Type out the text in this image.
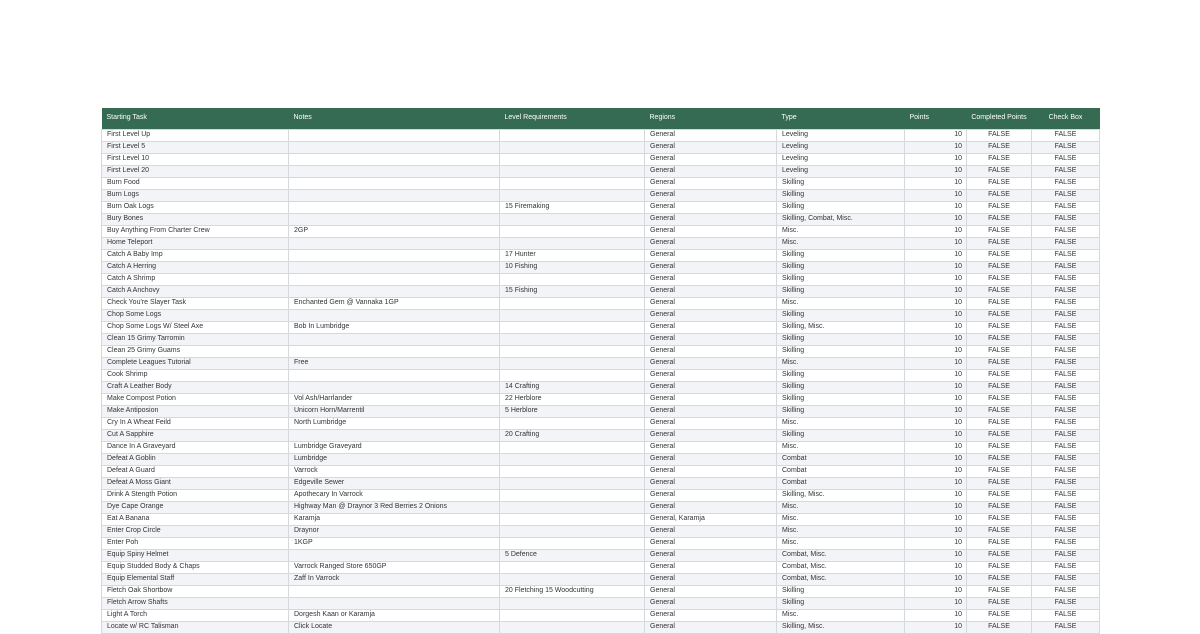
Starting Task	Notes	Level Requirements	Regions	Type	Points	Completed Points	Check Box
First Level Up			General	Leveling	10	FALSE	FALSE
First Level 5			General	Leveling	10	FALSE	FALSE
First Level 10			General	Leveling	10	FALSE	FALSE
First Level 20			General	Leveling	10	FALSE	FALSE
Burn Food			General	Skilling	10	FALSE	FALSE
Burn Logs			General	Skilling	10	FALSE	FALSE
Burn Oak Logs		15 Firemaking	General	Skilling	10	FALSE	FALSE
Bury Bones			General	Skilling, Combat, Misc.	10	FALSE	FALSE
Buy Anything From Charter Crew	2GP		General	Misc.	10	FALSE	FALSE
Home Teleport			General	Misc.	10	FALSE	FALSE
Catch A Baby Imp		17 Hunter	General	Skilling	10	FALSE	FALSE
Catch A Herring		10 Fishing	General	Skilling	10	FALSE	FALSE
Catch A Shrimp			General	Skilling	10	FALSE	FALSE
Catch A Anchovy		15 Fishing	General	Skilling	10	FALSE	FALSE
Check You're Slayer Task	Enchanted Gem @ Vannaka 1GP		General	Misc.	10	FALSE	FALSE
Chop Some Logs			General	Skilling	10	FALSE	FALSE
Chop Some Logs W/ Steel Axe	Bob In Lumbridge		General	Skilling, Misc.	10	FALSE	FALSE
Clean 15 Grimy Tarromin			General	Skilling	10	FALSE	FALSE
Clean 25 Grimy Guams			General	Skilling	10	FALSE	FALSE
Complete Leagues Tutorial	Free		General	Misc.	10	FALSE	FALSE
Cook Shrimp			General	Skilling	10	FALSE	FALSE
Craft A Leather Body		14 Crafting	General	Skilling	10	FALSE	FALSE
Make Compost Potion	Vol Ash/Harrlander	22 Herblore	General	Skilling	10	FALSE	FALSE
Make Antiposion	Unicorn Horn/Marrentil	5 Herblore	General	Skilling	10	FALSE	FALSE
Cry In A Wheat Feild	North Lumbridge		General	Misc.	10	FALSE	FALSE
Cut A Sapphire		20 Crafting	General	Skilling	10	FALSE	FALSE
Dance In A Graveyard	Lumbridge Graveyard		General	Misc.	10	FALSE	FALSE
Defeat A Goblin	Lumbridge		General	Combat	10	FALSE	FALSE
Defeat A Guard	Varrock		General	Combat	10	FALSE	FALSE
Defeat A Moss Giant	Edgeville Sewer		General	Combat	10	FALSE	FALSE
Drink A Stength Potion	Apothecary In Varrock		General	Skilling, Misc.	10	FALSE	FALSE
Dye Cape Orange	Highway Man @ Draynor 3 Red Berries 2 Onions		General	Misc.	10	FALSE	FALSE
Eat A Banana	Karamja		General, Karamja	Misc.	10	FALSE	FALSE
Enter Crop Circle	Draynor		General	Misc.	10	FALSE	FALSE
Enter Poh	1KGP		General	Misc.	10	FALSE	FALSE
Equip Spiny Helmet		5 Defence	General	Combat, Misc.	10	FALSE	FALSE
Equip Studded Body & Chaps	Varrock Ranged Store 650GP		General	Combat, Misc.	10	FALSE	FALSE
Equip Elemental Staff	Zaff In Varrock		General	Combat, Misc.	10	FALSE	FALSE
Fletch Oak Shortbow		20 Fletching 15 Woodcutting	General	Skilling	10	FALSE	FALSE
Fletch Arrow Shafts			General	Skilling	10	FALSE	FALSE
Light A Torch	Dorgesh Kaan or Karamja		General	Misc.	10	FALSE	FALSE
Locate w/ RC Talisman	Click Locate		General	Skilling, Misc.	10	FALSE	FALSE
